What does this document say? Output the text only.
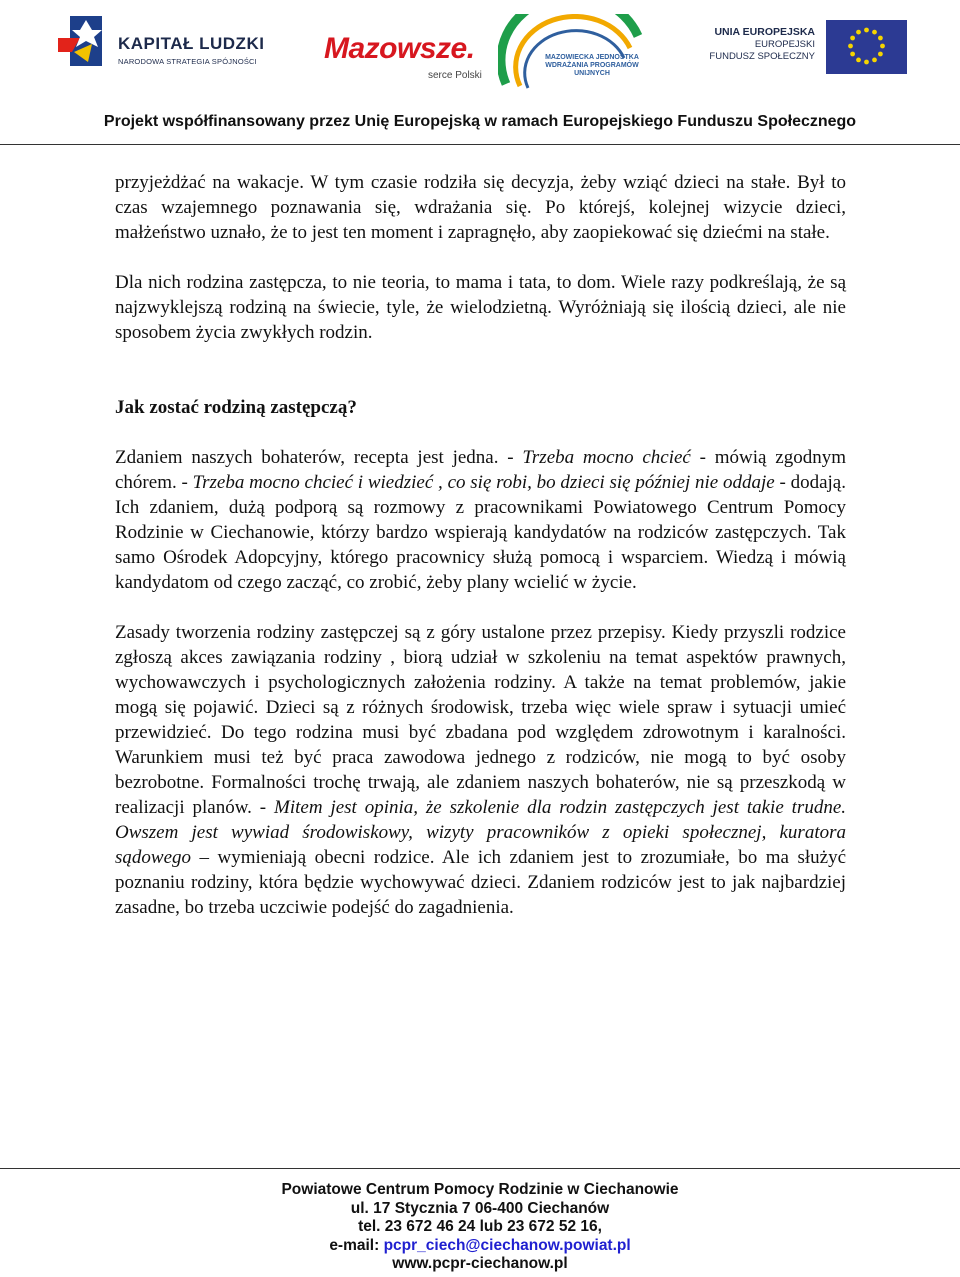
KAPITAŁ LUDZKI
NARODOWA STRATEGIA SPÓJNOŚCI Mazowsze.
serce Polski
MAZOWIECKA JEDNOSTKA WDRAŻANIA PROGRAMÓW UNIJNYCH
UNIA EUROPEJSKA
EUROPEJSKI
FUNDUSZ SPOŁECZNY
Projekt współfinansowany przez Unię Europejską w ramach Europejskiego Funduszu Społecznego

przyjeżdżać na wakacje. W tym czasie rodziła się decyzja, żeby wziąć dzieci na stałe. Był to czas wzajemnego poznawania się, wdrażania się. Po którejś, kolejnej wizycie dzieci, małżeństwo uznało, że to jest ten moment i zapragnęło, aby zaopiekować się dziećmi na stałe.

Dla nich rodzina zastępcza, to nie teoria, to mama i tata, to dom. Wiele razy podkreślają, że są najzwyklejszą rodziną na świecie, tyle, że wielodzietną. Wyróżniają się ilością dzieci, ale nie sposobem życia zwykłych rodzin.

Jak zostać rodziną zastępczą?

Zdaniem naszych bohaterów, recepta jest jedna. - Trzeba mocno chcieć - mówią zgodnym chórem. - Trzeba mocno chcieć i wiedzieć , co się robi, bo dzieci się później nie oddaje - dodają. Ich zdaniem, dużą podporą są rozmowy z pracownikami Powiatowego Centrum Pomocy Rodzinie w Ciechanowie, którzy bardzo wspierają kandydatów na rodziców zastępczych. Tak samo Ośrodek Adopcyjny, którego pracownicy służą pomocą i wsparciem. Wiedzą i mówią kandydatom od czego zacząć, co zrobić, żeby plany wcielić w życie.

Zasady tworzenia rodziny zastępczej są z góry ustalone przez przepisy. Kiedy przyszli rodzice zgłoszą akces zawiązania rodziny , biorą udział w szkoleniu na temat aspektów prawnych, wychowawczych i psychologicznych założenia rodziny. A także na temat problemów, jakie mogą się pojawić. Dzieci są z różnych środowisk, trzeba więc wiele spraw i sytuacji umieć przewidzieć. Do tego rodzina musi być zbadana pod względem zdrowotnym i karalności. Warunkiem musi też być praca zawodowa jednego z rodziców, nie mogą to być osoby bezrobotne. Formalności trochę trwają, ale zdaniem naszych bohaterów, nie są przeszkodą w realizacji planów. - Mitem jest opinia, że szkolenie dla rodzin zastępczych jest takie trudne. Owszem jest wywiad środowiskowy, wizyty pracowników z opieki społecznej, kuratora sądowego – wymieniają obecni rodzice. Ale ich zdaniem jest to zrozumiałe, bo ma służyć poznaniu rodziny, która będzie wychowywać dzieci. Zdaniem rodziców jest to jak najbardziej zasadne, bo trzeba uczciwie podejść do zagadnienia.

Powiatowe Centrum Pomocy Rodzinie w Ciechanowie
ul. 17 Stycznia 7 06-400 Ciechanów
tel. 23 672 46 24 lub 23 672 52 16,
e-mail: pcpr_ciech@ciechanow.powiat.pl
www.pcpr-ciechanow.pl
